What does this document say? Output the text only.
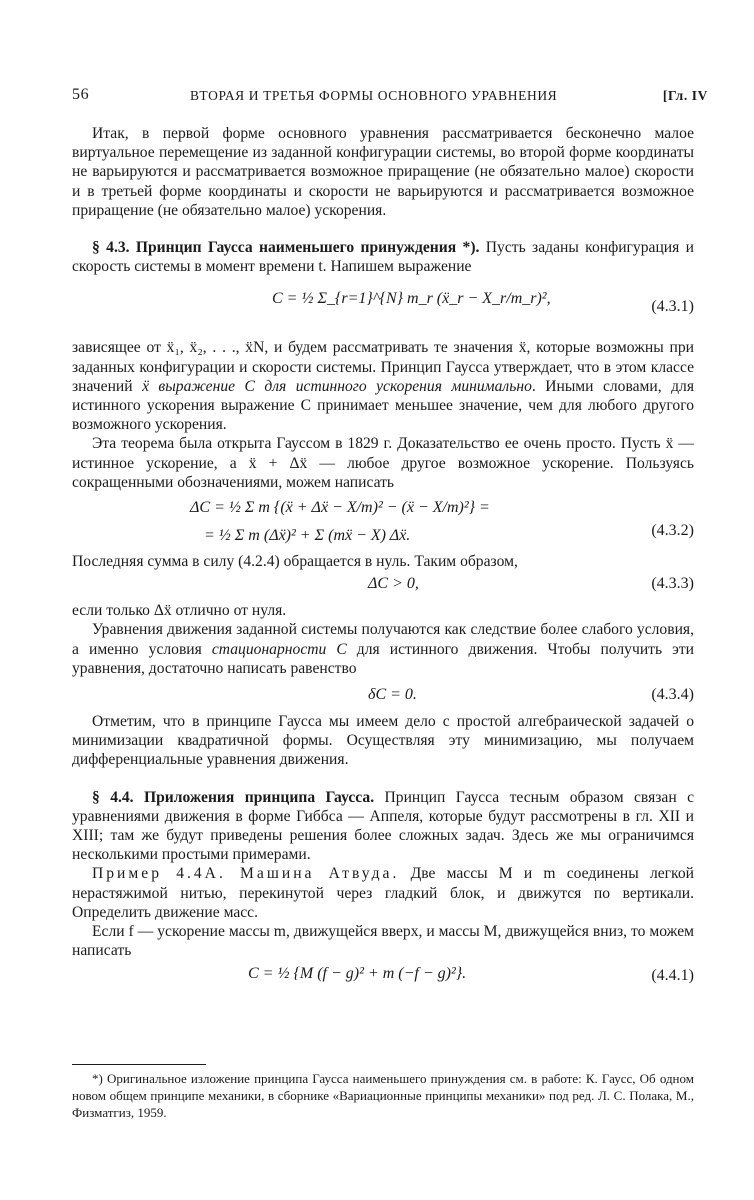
56	ВТОРАЯ И ТРЕТЬЯ ФОРМЫ ОСНОВНОГО УРАВНЕНИЯ	[Гл. IV

Итак, в первой форме основного уравнения рассматривается бесконечно малое виртуальное перемещение из заданной конфигурации системы, во второй форме координаты не варьируются и рассматривается возможное приращение (не обязательно малое) скорости и в третьей форме координаты и скорости не варьируются и рассматривается возможное приращение (не обязательно малое) ускорения.

§ 4.3. Принцип Гаусса наименьшего принуждения *). Пусть заданы конфигурация и скорость системы в момент времени t. Напишем выражение

C = ½ Σ_{r=1}^{N} m_r (ẍ_r − X_r/m_r)²,	(4.3.1)

зависящее от ẍ₁, ẍ₂, . . ., ẍN, и будем рассматривать те значения ẍ, которые возможны при заданных конфигурации и скорости системы. Принцип Гаусса утверждает, что в этом классе значений ẍ выражение C для истинного ускорения минимально. Иными словами, для истинного ускорения выражение C принимает меньшее значение, чем для любого другого возможного ускорения.

Эта теорема была открыта Гауссом в 1829 г. Доказательство ее очень просто. Пусть ẍ — истинное ускорение, а ẍ + Δẍ — любое другое возможное ускорение. Пользуясь сокращенными обозначениями, можем написать

ΔC = ½ Σ m {(ẍ + Δẍ − X/m)² − (ẍ − X/m)²} =
= ½ Σ m (Δẍ)² + Σ (mẍ − X) Δẍ.	(4.3.2)

Последняя сумма в силу (4.2.4) обращается в нуль. Таким образом,

ΔC > 0,	(4.3.3)

если только Δẍ отлично от нуля.

Уравнения движения заданной системы получаются как следствие более слабого условия, а именно условия стационарности C для истинного движения. Чтобы получить эти уравнения, достаточно написать равенство

δC = 0.	(4.3.4)

Отметим, что в принципе Гаусса мы имеем дело с простой алгебраической задачей о минимизации квадратичной формы. Осуществляя эту минимизацию, мы получаем дифференциальные уравнения движения.

§ 4.4. Приложения принципа Гаусса. Принцип Гаусса тесным образом связан с уравнениями движения в форме Гиббса — Аппеля, которые будут рассмотрены в гл. XII и XIII; там же будут приведены решения более сложных задач. Здесь же мы ограничимся несколькими простыми примерами.

Пример 4.4А. Машина Атвуда. Две массы M и m соединены легкой нерастяжимой нитью, перекинутой через гладкий блок, и движутся по вертикали. Определить движение масс.

Если f — ускорение массы m, движущейся вверх, и массы M, движущейся вниз, то можем написать

C = ½ {M (f − g)² + m (−f − g)²}.	(4.4.1)
*) Оригинальное изложение принципа Гаусса наименьшего принуждения см. в работе: К. Гаусс, Об одном новом общем принципе механики, в сборнике «Вариационные принципы механики» под ред. Л. С. Полака, М., Физматгиз, 1959.
